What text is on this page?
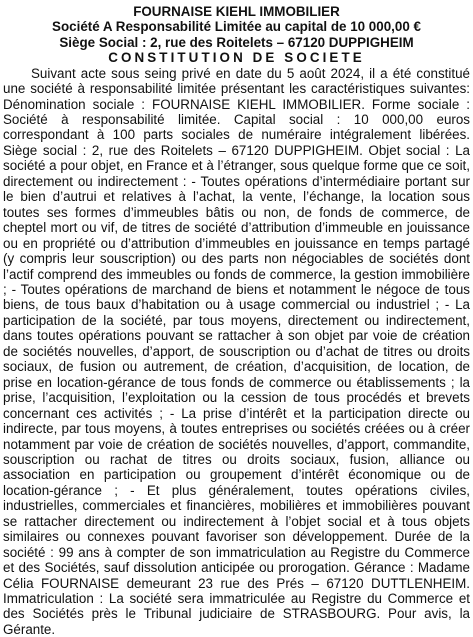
FOURNAISE KIEHL IMMOBILIER
Société A Responsabilité Limitée au capital de 10 000,00 €
Siège Social : 2, rue des Roitelets – 67120 DUPPIGHEIM
CONSTITUTION DE SOCIETE

Suivant acte sous seing privé en date du 5 août 2024, il a été constitué une société à responsabilité limitée présentant les caractéristiques suivantes: Dénomination sociale : FOURNAISE KIEHL IMMOBILIER. Forme sociale : Société à responsabilité limitée. Capital social : 10 000,00 euros correspondant à 100 parts sociales de numéraire intégralement libérées. Siège social : 2, rue des Roitelets – 67120 DUPPIGHEIM. Objet social : La société a pour objet, en France et à l’étranger, sous quelque forme que ce soit, directement ou indirectement : - Toutes opérations d’intermédiaire portant sur le bien d’autrui et relatives à l’achat, la vente, l’échange, la location sous toutes ses formes d’immeubles bâtis ou non, de fonds de commerce, de cheptel mort ou vif, de titres de société d’attribution d’immeuble en jouissance ou en propriété ou d’attribution d’immeubles en jouissance en temps partagé (y compris leur souscription) ou des parts non négociables de sociétés dont l’actif comprend des immeubles ou fonds de commerce, la gestion immobilière ; - Toutes opérations de marchand de biens et notamment le négoce de tous biens, de tous baux d’habitation ou à usage commercial ou industriel ; - La participation de la société, par tous moyens, directement ou indirectement, dans toutes opérations pouvant se rattacher à son objet par voie de création de sociétés nouvelles, d’apport, de souscription ou d’achat de titres ou droits sociaux, de fusion ou autrement, de création, d’acquisition, de location, de prise en location-gérance de tous fonds de commerce ou établissements ; la prise, l’acquisition, l’exploitation ou la cession de tous procédés et brevets concernant ces activités ; - La prise d’intérêt et la participation directe ou indirecte, par tous moyens, à toutes entreprises ou sociétés créées ou à créer notamment par voie de création de sociétés nouvelles, d’apport, commandite, souscription ou rachat de titres ou droits sociaux, fusion, alliance ou association en participation ou groupement d’intérêt économique ou de location-gérance ; - Et plus généralement, toutes opérations civiles, industrielles, commerciales et financières, mobilières et immobilières pouvant se rattacher directement ou indirectement à l’objet social et à tous objets similaires ou connexes pouvant favoriser son développement. Durée de la société : 99 ans à compter de son immatriculation au Registre du Commerce et des Sociétés, sauf dissolution anticipée ou prorogation. Gérance : Madame Célia FOURNAISE demeurant 23 rue des Prés – 67120 DUTTLENHEIM. Immatriculation : La société sera immatriculée au Registre du Commerce et des Sociétés près le Tribunal judiciaire de STRASBOURG. Pour avis, la Gérante.
